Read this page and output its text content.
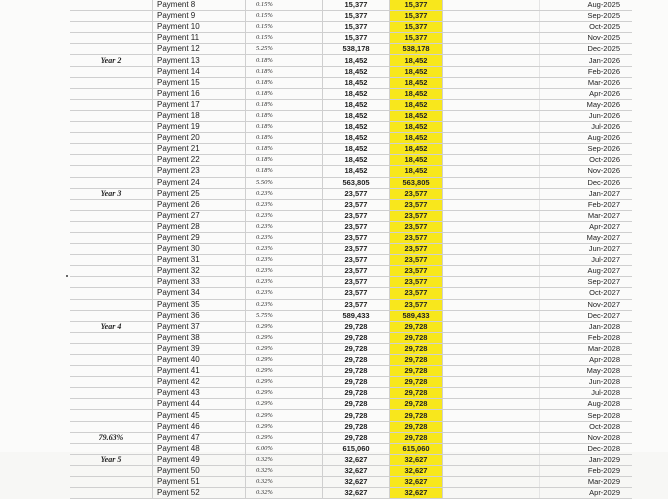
	Payment 8	0.15%	15,377	15,377		Aug-2025
	Payment 9	0.15%	15,377	15,377		Sep-2025
	Payment 10	0.15%	15,377	15,377		Oct-2025
	Payment 11	0.15%	15,377	15,377		Nov-2025
	Payment 12	5.25%	538,178	538,178		Dec-2025
Year 2	Payment 13	0.18%	18,452	18,452		Jan-2026
	Payment 14	0.18%	18,452	18,452		Feb-2026
	Payment 15	0.18%	18,452	18,452		Mar-2026
	Payment 16	0.18%	18,452	18,452		Apr-2026
	Payment 17	0.18%	18,452	18,452		May-2026
	Payment 18	0.18%	18,452	18,452		Jun-2026
	Payment 19	0.18%	18,452	18,452		Jul-2026
	Payment 20	0.18%	18,452	18,452		Aug-2026
	Payment 21	0.18%	18,452	18,452		Sep-2026
	Payment 22	0.18%	18,452	18,452		Oct-2026
	Payment 23	0.18%	18,452	18,452		Nov-2026
	Payment 24	5.50%	563,805	563,805		Dec-2026
Year 3	Payment 25	0.23%	23,577	23,577		Jan-2027
	Payment 26	0.23%	23,577	23,577		Feb-2027
	Payment 27	0.23%	23,577	23,577		Mar-2027
	Payment 28	0.23%	23,577	23,577		Apr-2027
	Payment 29	0.23%	23,577	23,577		May-2027
	Payment 30	0.23%	23,577	23,577		Jun-2027
	Payment 31	0.23%	23,577	23,577		Jul-2027
	Payment 32	0.23%	23,577	23,577		Aug-2027
	Payment 33	0.23%	23,577	23,577		Sep-2027
	Payment 34	0.23%	23,577	23,577		Oct-2027
	Payment 35	0.23%	23,577	23,577		Nov-2027
	Payment 36	5.75%	589,433	589,433		Dec-2027
Year 4	Payment 37	0.29%	29,728	29,728		Jan-2028
	Payment 38	0.29%	29,728	29,728		Feb-2028
	Payment 39	0.29%	29,728	29,728		Mar-2028
	Payment 40	0.29%	29,728	29,728		Apr-2028
	Payment 41	0.29%	29,728	29,728		May-2028
	Payment 42	0.29%	29,728	29,728		Jun-2028
	Payment 43	0.29%	29,728	29,728		Jul-2028
	Payment 44	0.29%	29,728	29,728		Aug-2028
	Payment 45	0.29%	29,728	29,728		Sep-2028
	Payment 46	0.29%	29,728	29,728		Oct-2028
79.63%	Payment 47	0.29%	29,728	29,728		Nov-2028
	Payment 48	6.00%	615,060	615,060		Dec-2028
Year 5	Payment 49	0.32%	32,627	32,627		Jan-2029
	Payment 50	0.32%	32,627	32,627		Feb-2029
	Payment 51	0.32%	32,627	32,627		Mar-2029
	Payment 52	0.32%	32,627	32,627		Apr-2029
